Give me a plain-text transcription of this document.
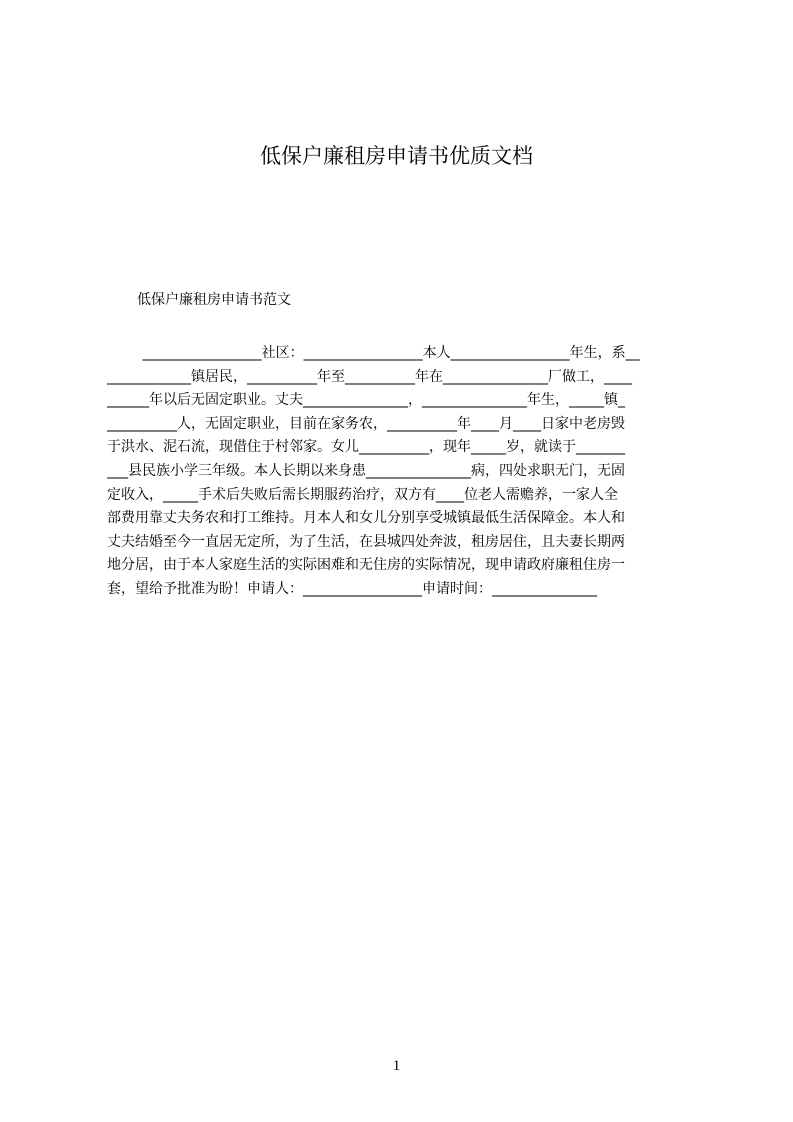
低保户廉租房申请书优质文档
低保户廉租房申请书范文
_________________社区：_________________本人_________________年生，系__
____________镇居民，__________年至__________年在_______________厂做工，____
______年以后无固定职业。丈夫_______________，_______________年生，_____镇_
__________人，无固定职业，目前在家务农，__________年____月____日家中老房毁
于洪水、泥石流，现借住于村邻家。女儿__________，现年_____岁，就读于_______
___县民族小学三年级。本人长期以来身患_______________病，四处求职无门，无固
定收入，_____手术后失败后需长期服药治疗，双方有____位老人需赡养，一家人全
部费用靠丈夫务农和打工维持。月本人和女儿分别享受城镇最低生活保障金。本人和
丈夫结婚至今一直居无定所，为了生活，在县城四处奔波，租房居住，且夫妻长期两
地分居，由于本人家庭生活的实际困难和无住房的实际情况，现申请政府廉租住房一
套，望给予批准为盼！申请人：_________________申请时间：_______________
1
